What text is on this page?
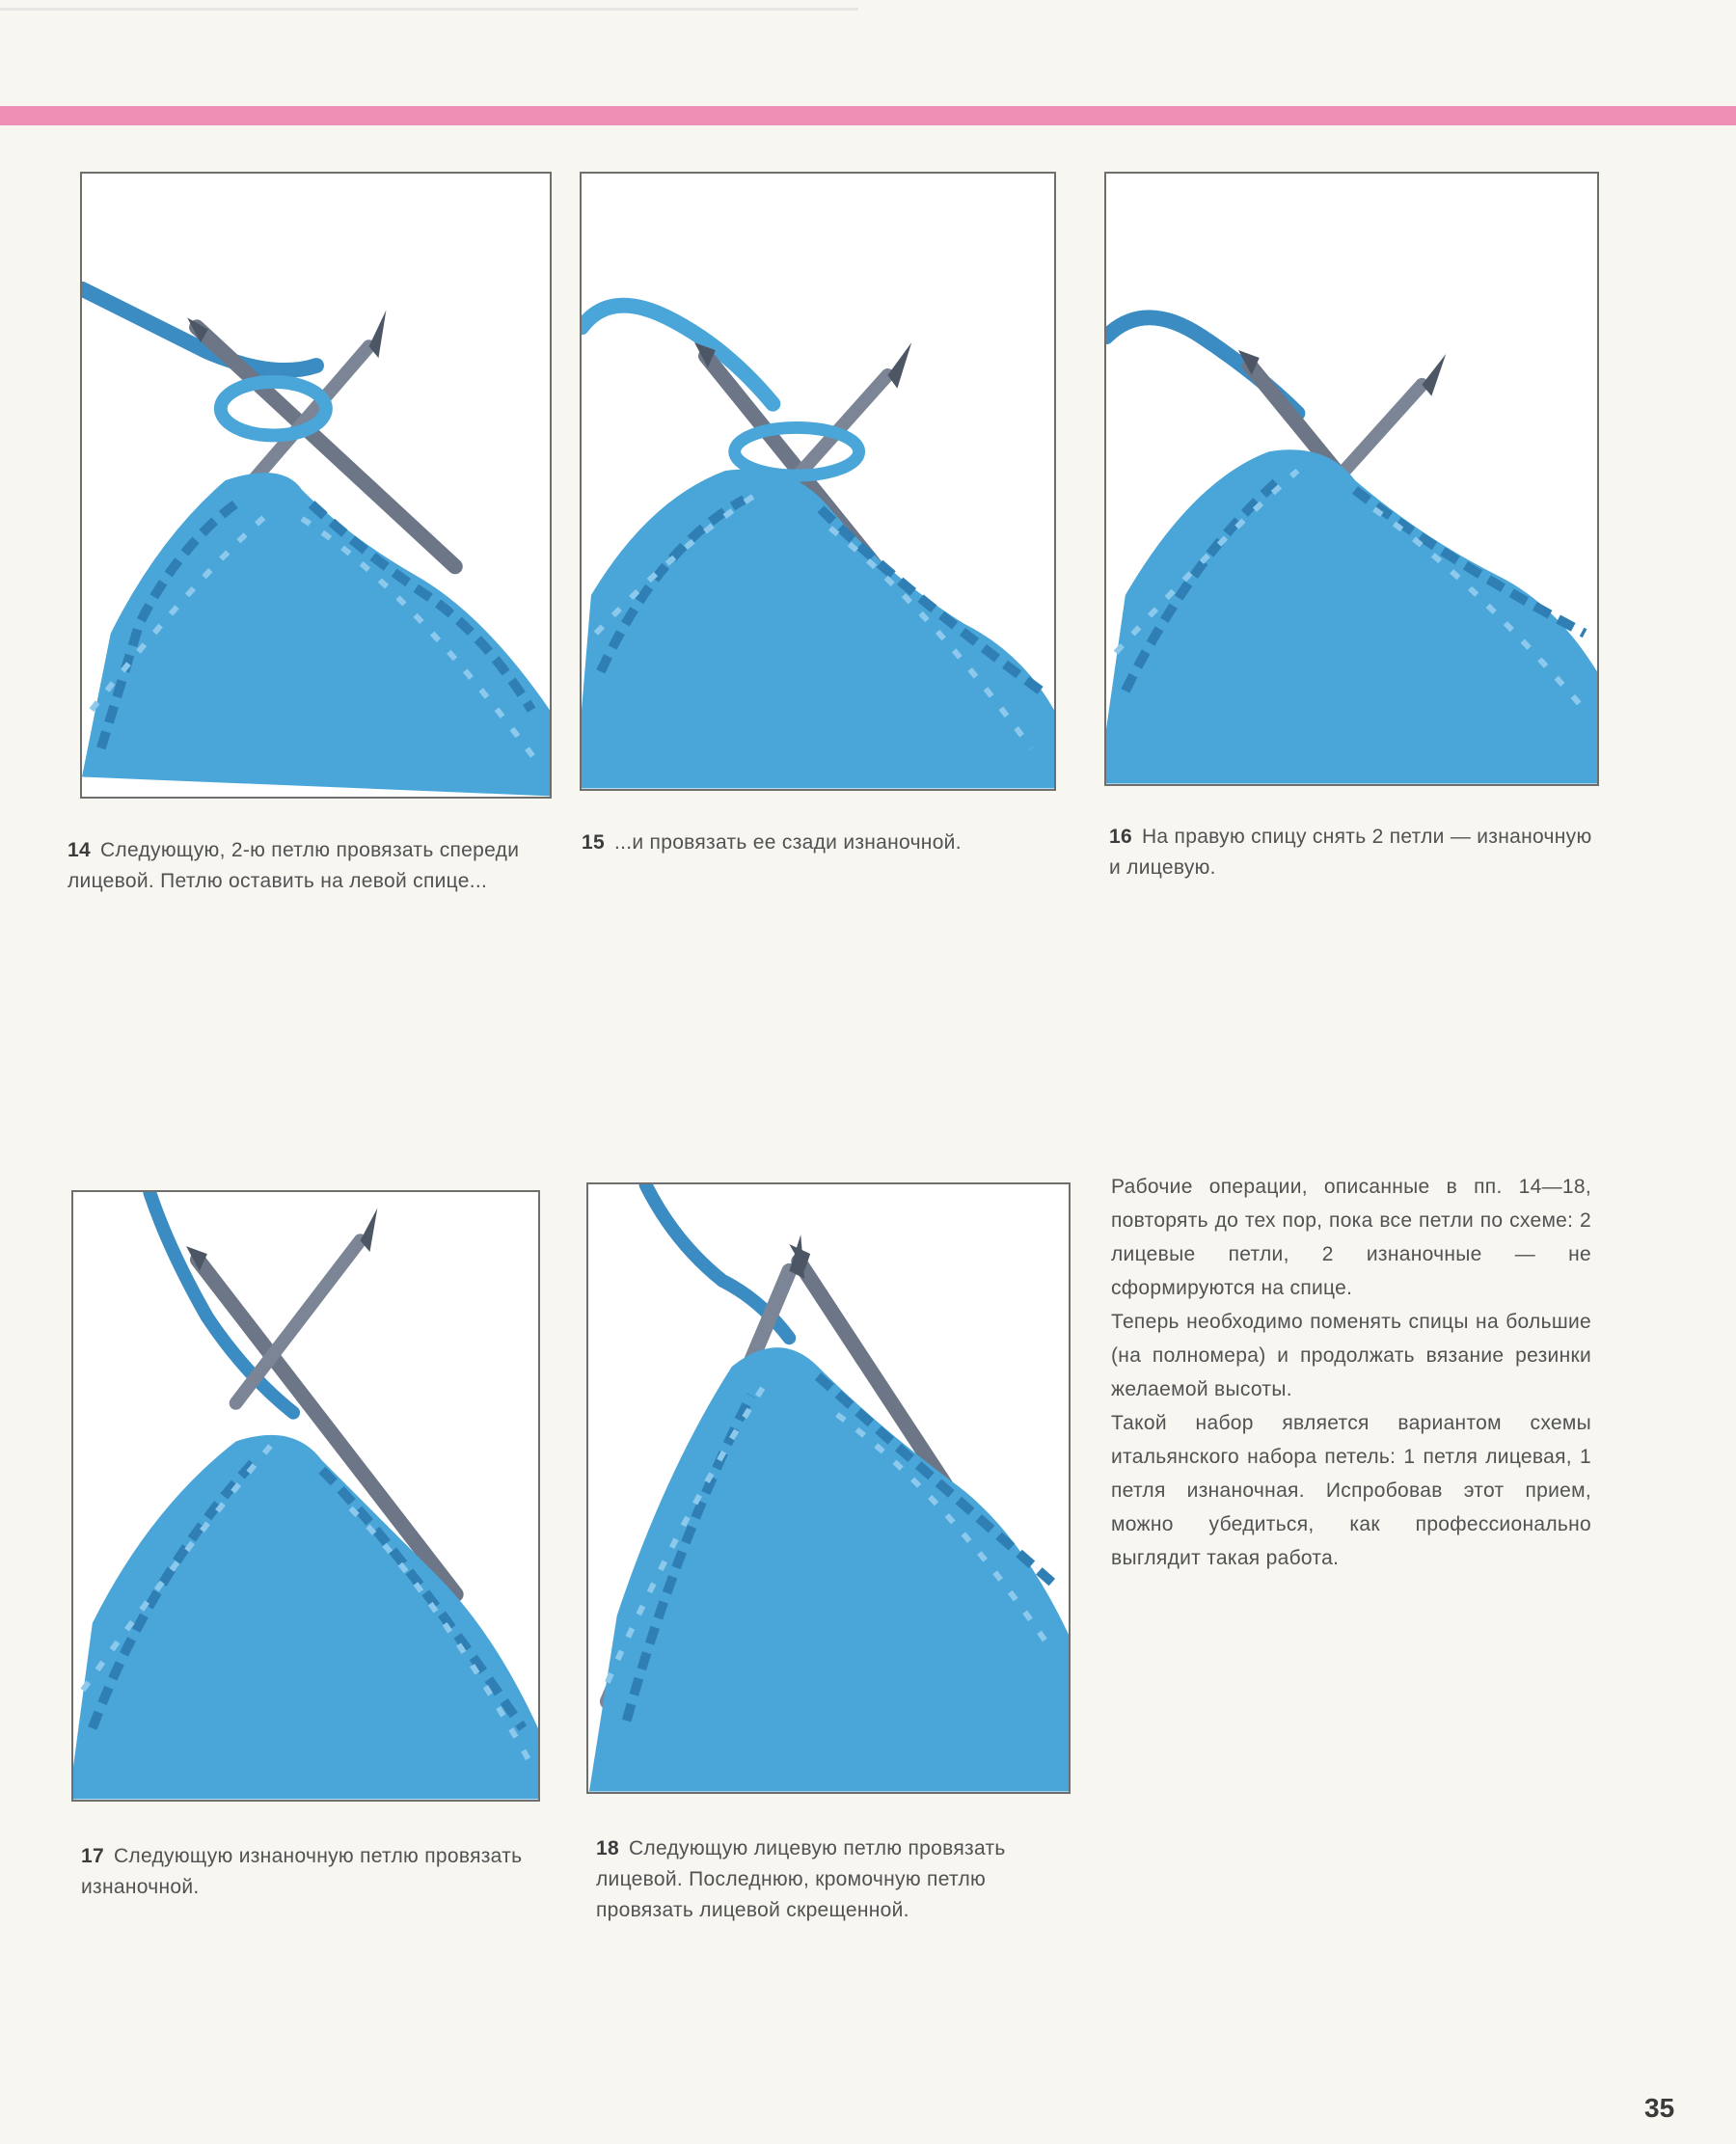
14 Следующую, 2-ю петлю провязать спереди лицевой. Петлю оставить на левой спице...
15 ...и провязать ее сзади изнаночной.	16 На правую спицу снять 2 петли — изнаночную и лицевую.
17 Следующую изнаночную петлю провязать изнаночной.
18 Следующую лицевую петлю провязать лицевой. Последнюю, кромочную петлю провязать лицевой скрещенной.

Рабочие операции, описанные в пп. 14—18, повторять до тех пор, пока все петли по схеме: 2 лицевые петли, 2 изнаночные — не сформируются на спице.

Теперь необходимо поменять спицы на большие (на полномера) и продолжать вязание резинки желаемой высоты.

Такой набор является вариантом схемы итальянского набора петель: 1 петля лицевая, 1 петля изнаночная. Испробовав этот прием, можно убедиться, как профессионально выглядит такая работа.

35
